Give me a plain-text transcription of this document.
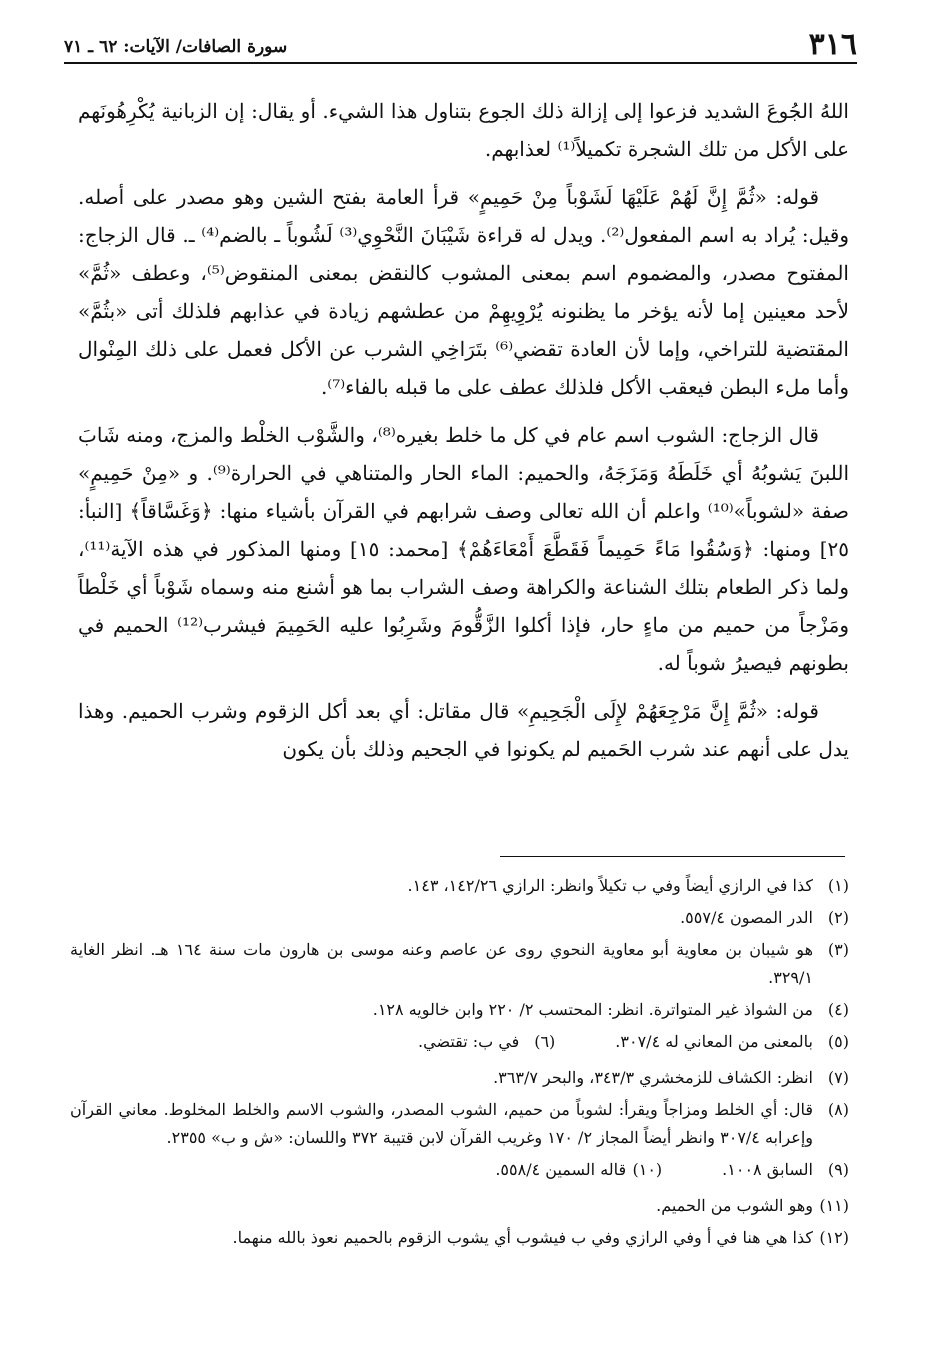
٣١٦
سورة الصافات/ الآيات: ٦٢ ـ ٧١

اللهُ الجُوعَ الشديد فزعوا إلى إزالة ذلك الجوع بتناول هذا الشيء. أو يقال: إن الزبانية يُكْرِهُونَهم على الأكل من تلك الشجرة تكميلاً⁽¹⁾ لعذابهم.

قوله: «ثُمَّ إِنَّ لَهُمْ عَلَيْهَا لَشَوْباً مِنْ حَمِيمٍ» قرأ العامة بفتح الشين وهو مصدر على أصله. وقيل: يُراد به اسم المفعول⁽²⁾. ويدل له قراءة شَيْبَانَ النَّحْوِي⁽³⁾ لَشُوباً ـ بالضم⁽⁴⁾ ـ. قال الزجاج: المفتوح مصدر، والمضموم اسم بمعنى المشوب كالنقض بمعنى المنقوض⁽⁵⁾، وعطف «ثُمَّ» لأحد معينين إما لأنه يؤخر ما يظنونه يُرْوِيهِمْ من عطشهم زيادة في عذابهم فلذلك أتى «بثُمَّ» المقتضية للتراخي، وإما لأن العادة تقضي⁽⁶⁾ بتَرَاخِي الشرب عن الأكل فعمل على ذلك المِنْوال وأما ملء البطن فيعقب الأكل فلذلك عطف على ما قبله بالفاء⁽⁷⁾.

قال الزجاج: الشوب اسم عام في كل ما خلط بغيره⁽⁸⁾، والشَّوْب الخلْط والمزج، ومنه شَابَ اللبنَ يَشوبُهُ أي خَلَطَهُ وَمَزَجَهُ، والحميم: الماء الحار والمتناهي في الحرارة⁽⁹⁾. و «مِنْ حَمِيمٍ» صفة «لشوباً»⁽¹⁰⁾ واعلم أن الله تعالى وصف شرابهم في القرآن بأشياء منها: ﴿وَغَسَّاقاً﴾ [النبأ: ٢٥] ومنها: ﴿وَسُقُوا مَاءً حَمِيماً فَقَطَّعَ أَمْعَاءَهُمْ﴾ [محمد: ١٥] ومنها المذكور في هذه الآية⁽¹¹⁾، ولما ذكر الطعام بتلك الشناعة والكراهة وصف الشراب بما هو أشنع منه وسماه شَوْباً أي خَلْطاً ومَزْجاً من حميم من ماءٍ حار، فإذا أكلوا الزَّقُّومَ وشَرِبُوا عليه الحَمِيمَ فيشرب⁽¹²⁾ الحميم في بطونهم فيصيرُ شوباً له.

قوله: «ثُمَّ إِنَّ مَرْجِعَهُمْ لإِلَى الْجَحِيمِ» قال مقاتل: أي بعد أكل الزقوم وشرب الحميم. وهذا يدل على أنهم عند شرب الحَميم لم يكونوا في الجحيم وذلك بأن يكون

(١)
كذا في الرازي أيضاً وفي ب تكيلاً وانظر: الرازي ١٤٢/٢٦، ١٤٣.
(٢)
الدر المصون ٥٥٧/٤.
(٣)
هو شيبان بن معاوية أبو معاوية النحوي روى عن عاصم وعنه موسى بن هارون مات سنة ١٦٤ هـ. انظر الغاية ٣٢٩/١.
(٤)
من الشواذ غير المتواترة. انظر: المحتسب ٢/ ٢٢٠ وابن خالويه ١٢٨.
(٥)
بالمعنى من المعاني له ٣٠٧/٤.
(٦)
في ب: تقتضي.
(٧)
انظر: الكشاف للزمخشري ٣٤٣/٣، والبحر ٣٦٣/٧.
(٨)
قال: أي الخلط ومزاجاً ويقرأ: لشوباً من حميم، الشوب المصدر، والشوب الاسم والخلط المخلوط. معاني القرآن وإعرابه ٣٠٧/٤ وانظر أيضاً المجاز ٢/ ١٧٠ وغريب القرآن لابن قتيبة ٣٧٢ واللسان: «ش و ب» ٢٣٥٥.
(٩)
السابق ١٠٠٨.
(١٠)
قاله السمين ٥٥٨/٤.
(١١)
وهو الشوب من الحميم.
(١٢)
كذا هي هنا في أ وفي الرازي وفي ب فيشوب أي يشوب الزقوم بالحميم نعوذ بالله منهما.
